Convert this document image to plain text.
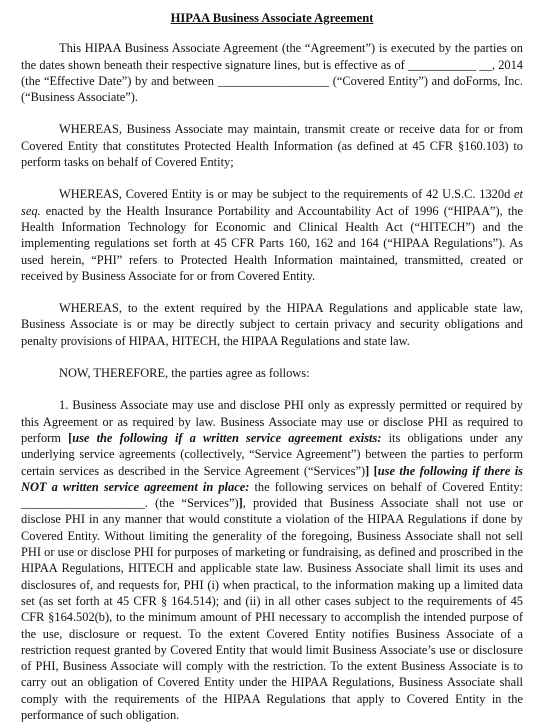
HIPAA Business Associate Agreement

This HIPAA Business Associate Agreement (the “Agreement”) is executed by the parties on the dates shown beneath their respective signature lines, but is effective as of ___________ __, 2014 (the “Effective Date”) by and between __________________ (“Covered Entity”) and doForms, Inc. (“Business Associate”).

WHEREAS, Business Associate may maintain, transmit create or receive data for or from Covered Entity that constitutes Protected Health Information (as defined at 45 CFR §160.103) to perform tasks on behalf of Covered Entity;

WHEREAS, Covered Entity is or may be subject to the requirements of 42 U.S.C. 1320d et seq. enacted by the Health Insurance Portability and Accountability Act of 1996 (“HIPAA”), the Health Information Technology for Economic and Clinical Health Act (“HITECH”) and the implementing regulations set forth at 45 CFR Parts 160, 162 and 164 (“HIPAA Regulations”). As used herein, “PHI” refers to Protected Health Information maintained, transmitted, created or received by Business Associate for or from Covered Entity.

WHEREAS, to the extent required by the HIPAA Regulations and applicable state law, Business Associate is or may be directly subject to certain privacy and security obligations and penalty provisions of HIPAA, HITECH, the HIPAA Regulations and state law.

NOW, THEREFORE, the parties agree as follows:

1. Business Associate may use and disclose PHI only as expressly permitted or required by this Agreement or as required by law. Business Associate may use or disclose PHI as required to perform [use the following if a written service agreement exists: its obligations under any underlying service agreements (collectively, “Service Agreement”) between the parties to perform certain services as described in the Service Agreement (“Services”)] [use the following if there is NOT a written service agreement in place: the following services on behalf of Covered Entity: ____________________. (the “Services”)], provided that Business Associate shall not use or disclose PHI in any manner that would constitute a violation of the HIPAA Regulations if done by Covered Entity. Without limiting the generality of the foregoing, Business Associate shall not sell PHI or use or disclose PHI for purposes of marketing or fundraising, as defined and proscribed in the HIPAA Regulations, HITECH and applicable state law. Business Associate shall limit its uses and disclosures of, and requests for, PHI (i) when practical, to the information making up a limited data set (as set forth at 45 CFR § 164.514); and (ii) in all other cases subject to the requirements of 45 CFR §164.502(b), to the minimum amount of PHI necessary to accomplish the intended purpose of the use, disclosure or request. To the extent Covered Entity notifies Business Associate of a restriction request granted by Covered Entity that would limit Business Associate’s use or disclosure of PHI, Business Associate will comply with the restriction. To the extent Business Associate is to carry out an obligation of Covered Entity under the HIPAA Regulations, Business Associate shall comply with the requirements of the HIPAA Regulations that apply to Covered Entity in the performance of such obligation.
